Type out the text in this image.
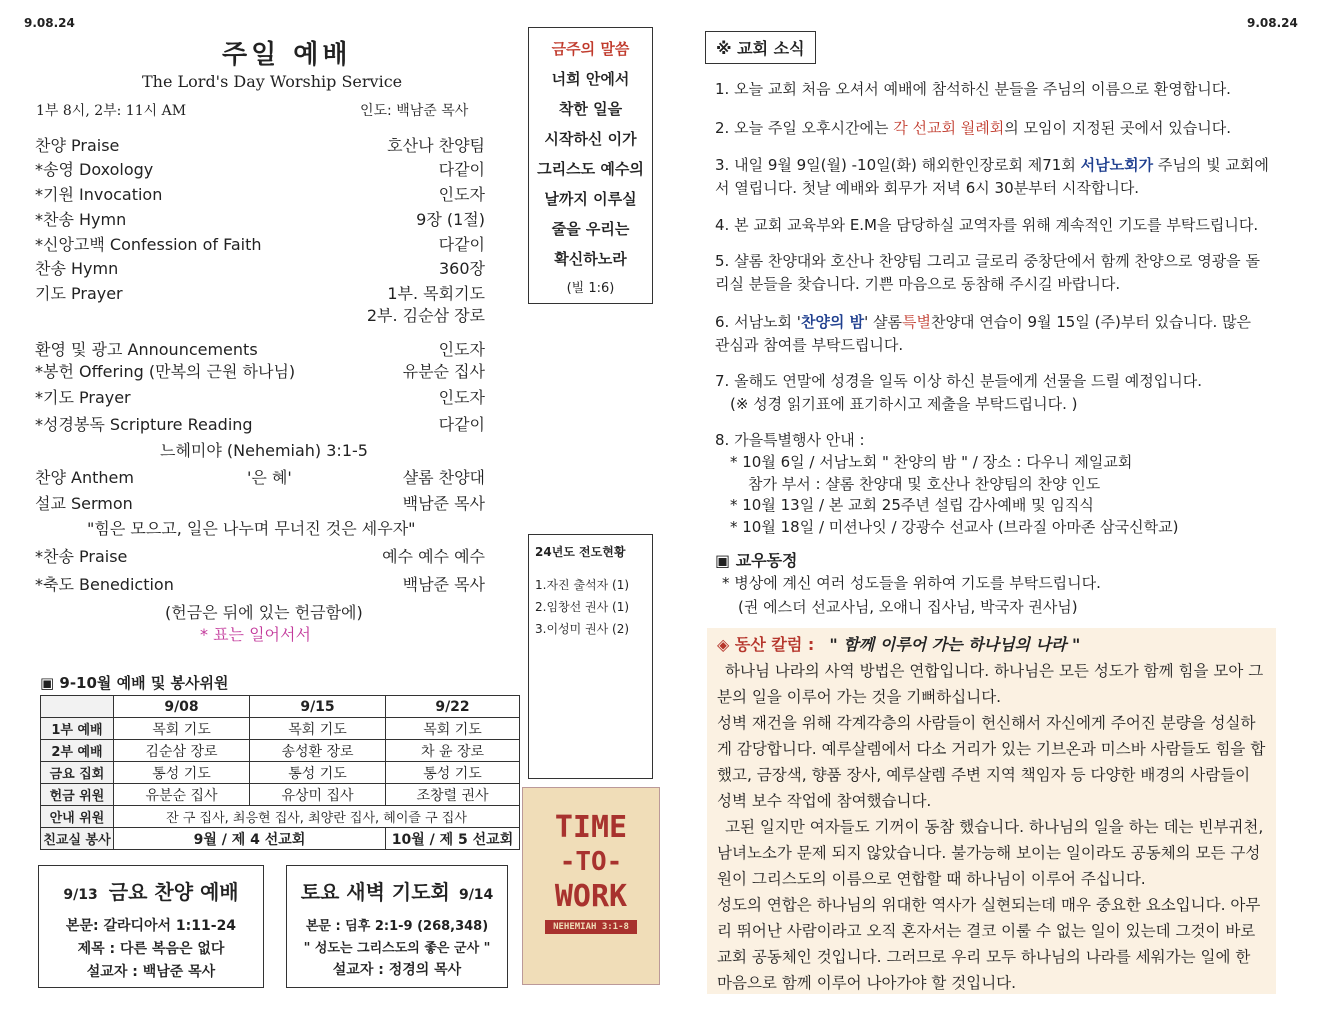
9.08.24	9.08.24
주일 예배
The Lord's Day Worship Service
1부 8시, 2부: 11시 AM	인도: 백남준 목사
찬양 Praise	호산나 찬양팀
*송영 Doxology	다같이
*기원 Invocation	인도자
*찬송 Hymn	9장 (1절)
*신앙고백 Confession of Faith	다같이
찬송 Hymn	360장
기도 Prayer	1부. 목회기도
2부. 김순삼 장로
환영 및 광고 Announcements	인도자
*봉헌 Offering (만복의 근원 하나님)	유분순 집사
*기도 Prayer	인도자
*성경봉독 Scripture Reading	다같이
느헤미야 (Nehemiah) 3:1-5
찬양 Anthem	'은 혜'	샬롬 찬양대
설교 Sermon	백남준 목사
"힘은 모으고, 일은 나누며 무너진 것은 세우자"
*찬송 Praise	예수 예수 예수
*축도 Benediction	백남준 목사
(헌금은 뒤에 있는 헌금함에)
* 표는 일어서서

금주의 말씀

너희 안에서

착한 일을

시작하신 이가

그리스도 예수의

날까지 이루실

줄을 우리는

확신하노라

(빌 1:6)

24년도 전도현황
1.자진 출석자 (1)
2.임창선 권사 (1)
3.이성미 권사 (2)
▣ 9-10월 예배 및 봉사위원
	9/08	9/15	9/22
1부 예배	목회 기도	목회 기도	목회 기도
2부 예배	김순삼 장로	송성환 장로	차 윤 장로
금요 집회	통성 기도	통성 기도	통성 기도
헌금 위원	유분순 집사	유상미 집사	조창렬 권사
안내 위원	잔 구 집사, 최응현 집사, 최양란 집사, 헤이즐 구 집사		
친교실 봉사	9월 / 제 4 선교회		10월 / 제 5 선교회
9/13 금요 찬양 예배
본문: 갈라디아서 1:11-24
제목 : 다른 복음은 없다
설교자 : 백남준 목사
토요 새벽 기도회 9/14
본문 : 딤후 2:1-9 (268,348)
" 성도는 그리스도의 좋은 군사 "
설교자 : 정경의 목사
TIME
-TO-
WORK
NEHEMIAH 3:1-8
※ 교회 소식

1. 오늘 교회 처음 오셔서 예배에 참석하신 분들을 주님의 이름으로 환영합니다.

2. 오늘 주일 오후시간에는 각 선교회 월례회의 모임이 지정된 곳에서 있습니다.

3. 내일 9월 9일(월) -10일(화) 해외한인장로회 제71회 서남노회가 주님의 빛 교회에서 열립니다. 첫날 예배와 회무가 저녁 6시 30분부터 시작합니다.

4. 본 교회 교육부와 E.M을 담당하실 교역자를 위해 계속적인 기도를 부탁드립니다.

5. 샬롬 찬양대와 호산나 찬양팀 그리고 글로리 중창단에서 함께 찬양으로 영광을 돌리실 분들을 찾습니다. 기쁜 마음으로 동참해 주시길 바랍니다.

6. 서남노회 '찬양의 밤' 샬롬특별찬양대 연습이 9월 15일 (주)부터 있습니다. 많은 관심과 참여를 부탁드립니다.

7. 올해도 연말에 성경을 일독 이상 하신 분들에게 선물을 드릴 예정입니다.

(※ 성경 읽기표에 표기하시고 제출을 부탁드립니다. )

8. 가을특별행사 안내 :

* 10월 6일 / 서남노회 " 찬양의 밤 " / 장소 : 다우니 제일교회

참가 부서 : 샬롬 찬양대 및 호산나 찬양팀의 찬양 인도

* 10월 13일 / 본 교회 25주년 설립 감사예배 및 임직식

* 10월 18일 / 미션나잇 / 강광수 선교사 (브라질 아마존 삼국신학교)

▣ 교우동정
* 병상에 계신 여러 성도들을 위하여 기도를 부탁드립니다.
(권 에스더 선교사님, 오애니 집사님, 박국자 권사님)
◈ 동산 칼럼 : " 함께 이루어 가는 하나님의 나라 "

하나님 나라의 사역 방법은 연합입니다. 하나님은 모든 성도가 함께 힘을 모아 그분의 일을 이루어 가는 것을 기뻐하십니다.

성벽 재건을 위해 각계각층의 사람들이 헌신해서 자신에게 주어진 분량을 성실하게 감당합니다. 예루살렘에서 다소 거리가 있는 기브온과 미스바 사람들도 힘을 합했고, 금장색, 향품 장사, 예루살렘 주변 지역 책임자 등 다양한 배경의 사람들이 성벽 보수 작업에 참여했습니다.

고된 일지만 여자들도 기꺼이 동참 했습니다. 하나님의 일을 하는 데는 빈부귀천, 남녀노소가 문제 되지 않았습니다. 불가능해 보이는 일이라도 공동체의 모든 구성원이 그리스도의 이름으로 연합할 때 하나님이 이루어 주십니다.

성도의 연합은 하나님의 위대한 역사가 실현되는데 매우 중요한 요소입니다. 아무리 뛰어난 사람이라고 오직 혼자서는 결코 이룰 수 없는 일이 있는데 그것이 바로 교회 공동체인 것입니다. 그러므로 우리 모두 하나님의 나라를 세워가는 일에 한 마음으로 함께 이루어 나아가야 할 것입니다.
